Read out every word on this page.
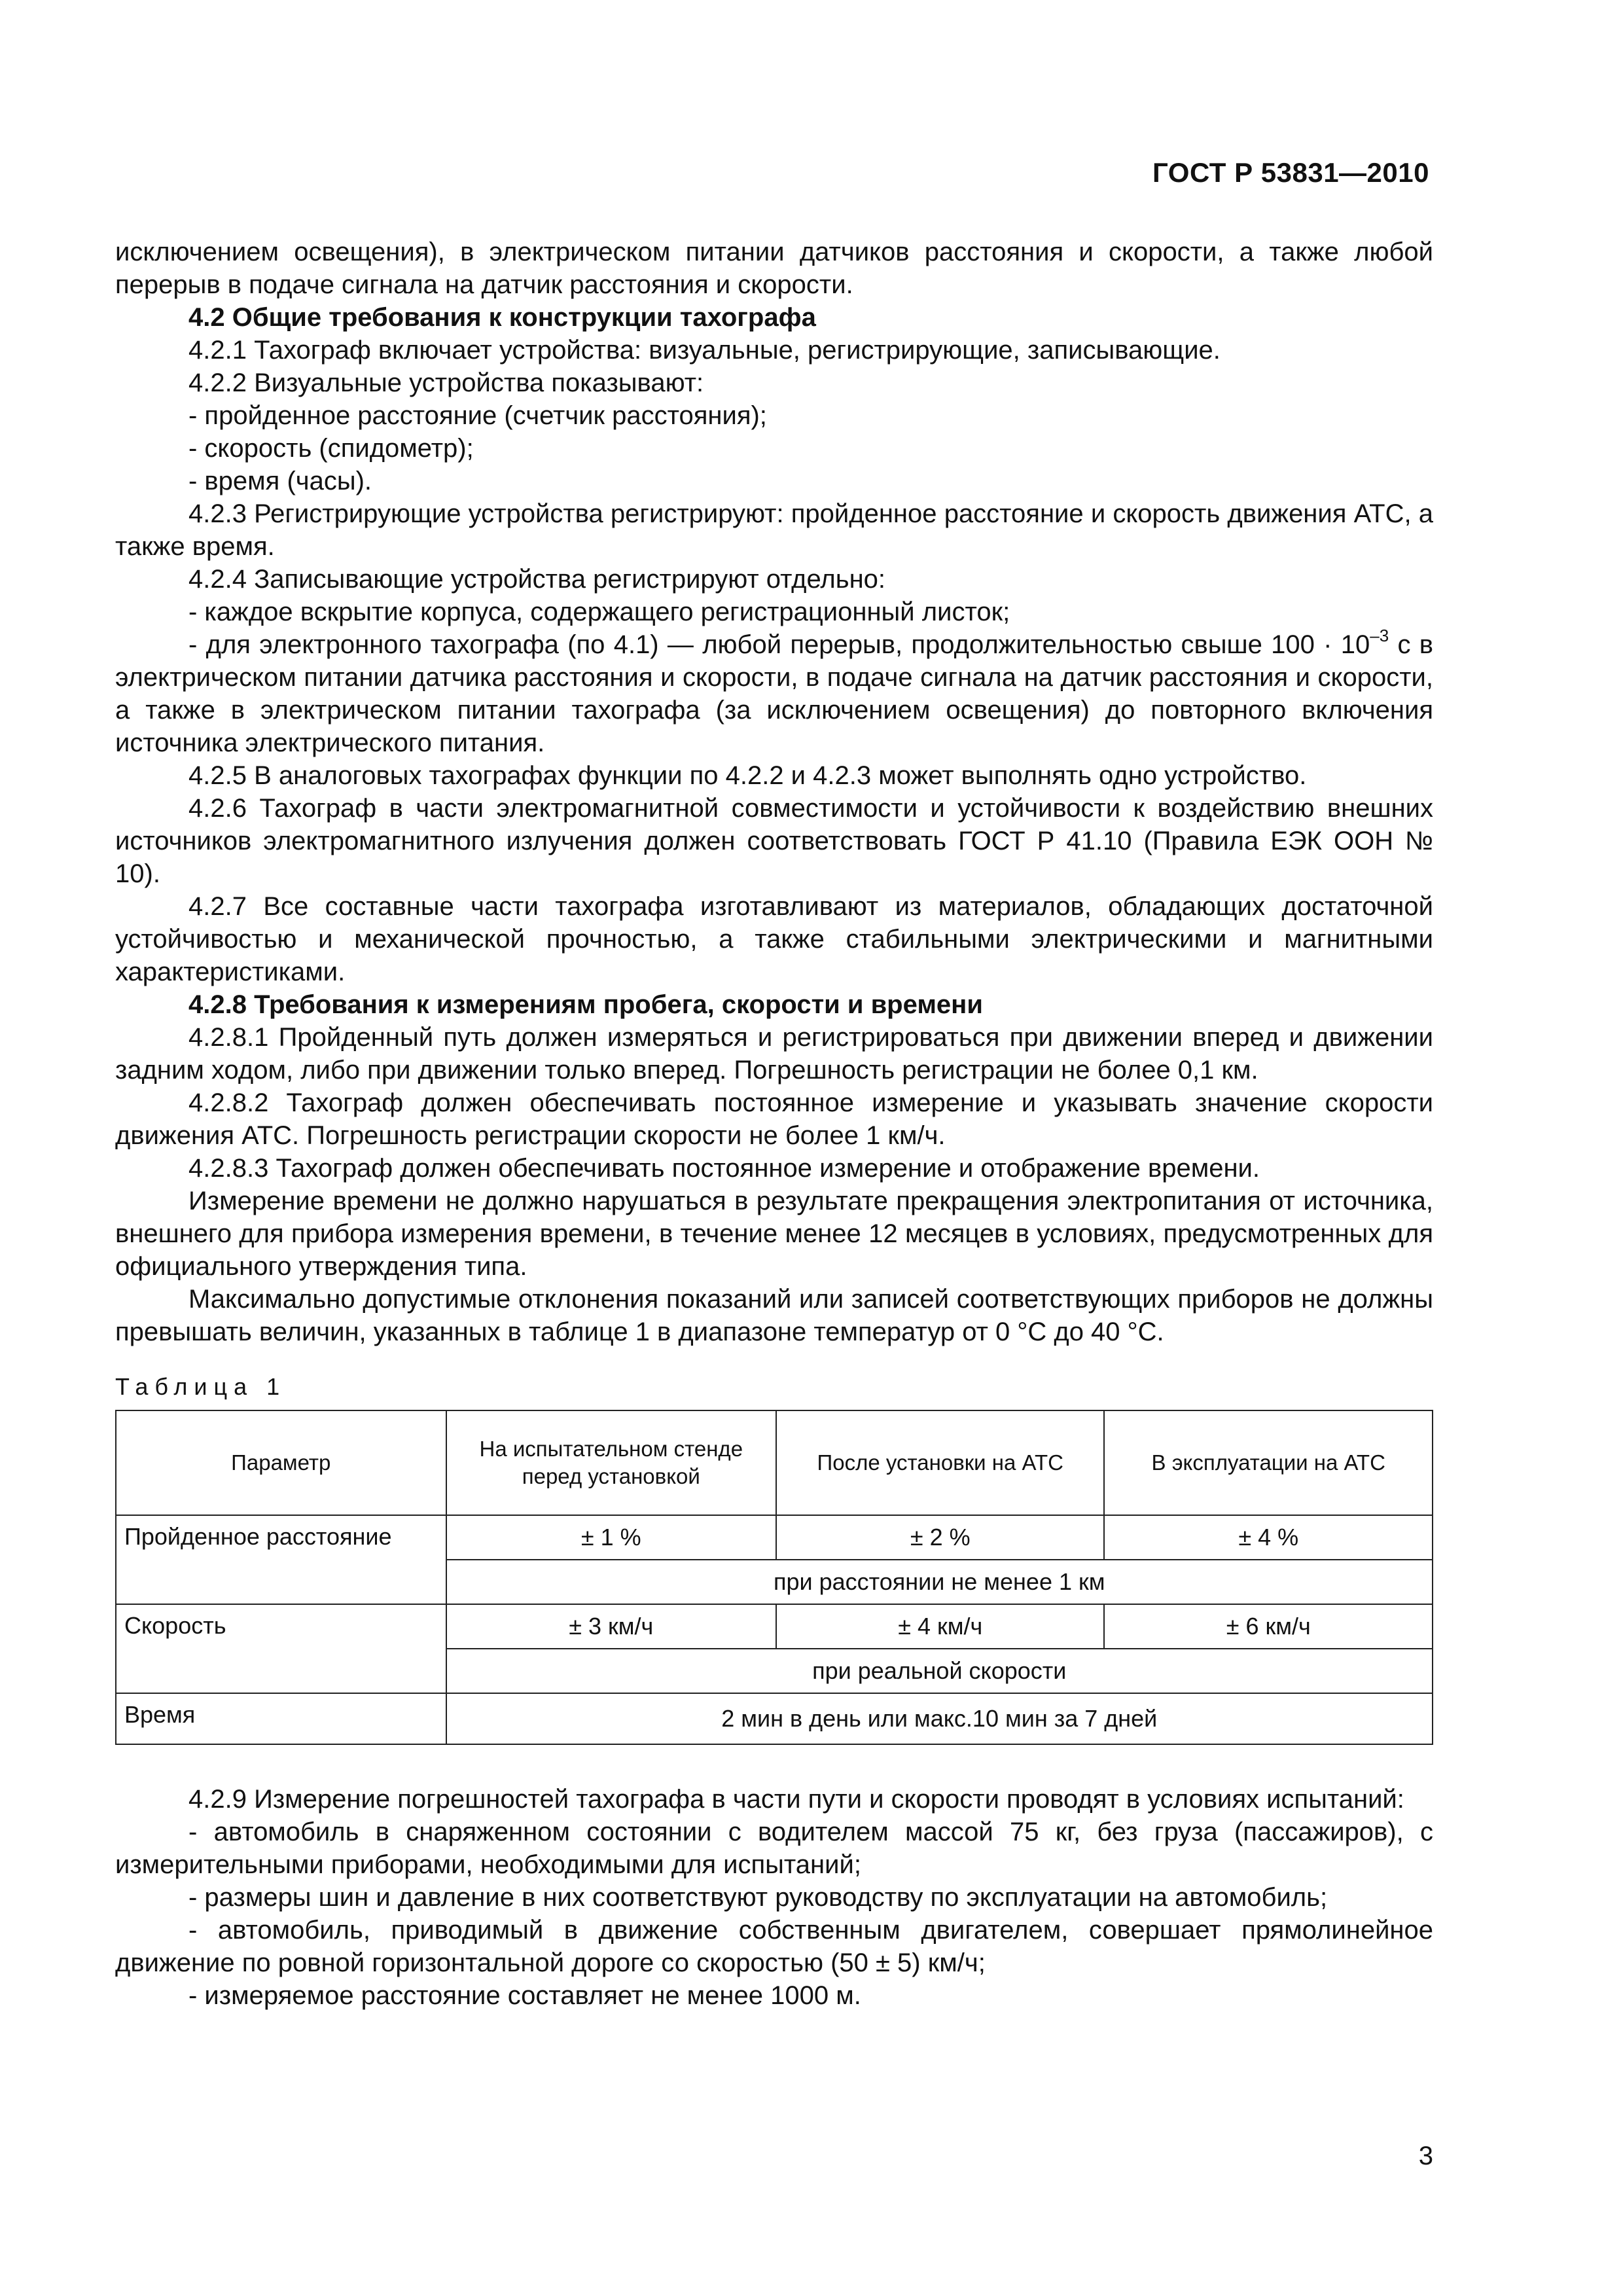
ГОСТ Р 53831—2010

исключением освещения), в электрическом питании датчиков расстояния и скорости, а также любой перерыв в подаче сигнала на датчик расстояния и скорости.

4.2 Общие требования к конструкции тахографа

4.2.1 Тахограф включает устройства: визуальные, регистрирующие, записывающие.

4.2.2 Визуальные устройства показывают:

- пройденное расстояние (счетчик расстояния);

- скорость (спидометр);

- время (часы).

4.2.3 Регистрирующие устройства регистрируют: пройденное расстояние и скорость движения АТС, а также время.

4.2.4 Записывающие устройства регистрируют отдельно:

- каждое вскрытие корпуса, содержащего регистрационный листок;

- для электронного тахографа (по 4.1) — любой перерыв, продолжительностью свыше $100 \cdot 10^{-3}$ с в электрическом питании датчика расстояния и скорости, в подаче сигнала на датчик расстояния и скорости, а также в электрическом питании тахографа (за исключением освещения) до повторного включения источника электрического питания.

4.2.5 В аналоговых тахографах функции по 4.2.2 и 4.2.3 может выполнять одно устройство.

4.2.6 Тахограф в части электромагнитной совместимости и устойчивости к воздействию внешних источников электромагнитного излучения должен соответствовать ГОСТ Р 41.10 (Правила ЕЭК ООН № 10).

4.2.7 Все составные части тахографа изготавливают из материалов, обладающих достаточной устойчивостью и механической прочностью, а также стабильными электрическими и магнитными характеристиками.

4.2.8 Требования к измерениям пробега, скорости и времени

4.2.8.1 Пройденный путь должен измеряться и регистрироваться при движении вперед и движении задним ходом, либо при движении только вперед. Погрешность регистрации не более 0,1 км.

4.2.8.2 Тахограф должен обеспечивать постоянное измерение и указывать значение скорости движения АТС. Погрешность регистрации скорости не более 1 км/ч.

4.2.8.3 Тахограф должен обеспечивать постоянное измерение и отображение времени.

Измерение времени не должно нарушаться в результате прекращения электропитания от источника, внешнего для прибора измерения времени, в течение менее 12 месяцев в условиях, предусмотренных для официального утверждения типа.

Максимально допустимые отклонения показаний или записей соответствующих приборов не должны превышать величин, указанных в таблице 1 в диапазоне температур от 0 °С до 40 °С.

Таблица 1
Параметр	На испытательном стенде перед установкой	После установки на АТС	В эксплуатации на АТС
Пройденное расстояние	± 1 %	± 2 %	± 4 %
	при расстоянии не менее 1 км		
Скорость	± 3 км/ч	± 4 км/ч	± 6 км/ч
	при реальной скорости		
Время	2 мин в день или макс.10 мин за 7 дней		

4.2.9 Измерение погрешностей тахографа в части пути и скорости проводят в условиях испытаний:

- автомобиль в снаряженном состоянии с водителем массой 75 кг, без груза (пассажиров), с измерительными приборами, необходимыми для испытаний;

- размеры шин и давление в них соответствуют руководству по эксплуатации на автомобиль;

- автомобиль, приводимый в движение собственным двигателем, совершает прямолинейное движение по ровной горизонтальной дороге со скоростью (50 ± 5) км/ч;

- измеряемое расстояние составляет не менее 1000 м.

3
